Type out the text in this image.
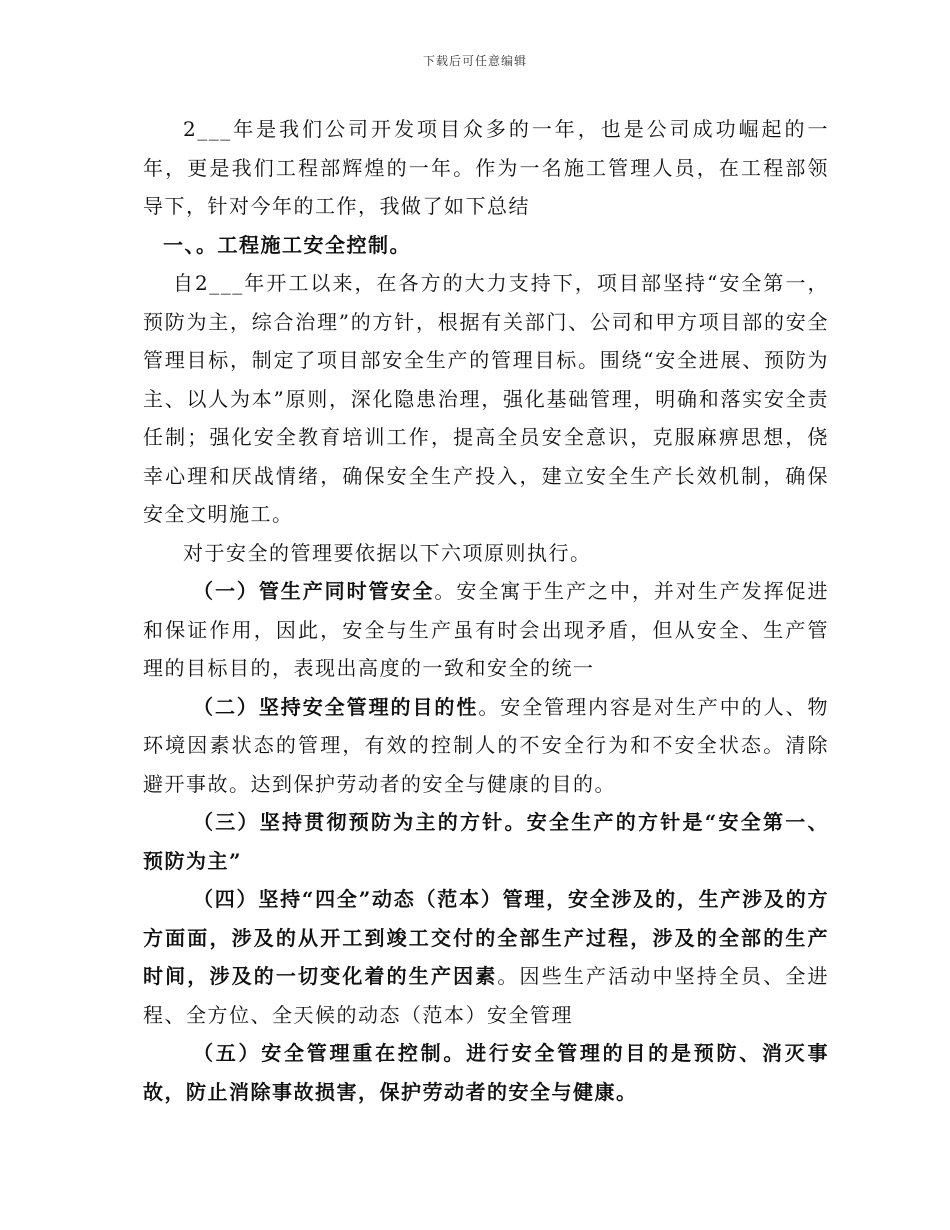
下载后可任意编辑

2___年是我们公司开发项目众多的一年，也是公司成功崛起的一年，更是我们工程部辉煌的一年。作为一名施工管理人员，在工程部领导下，针对今年的工作，我做了如下总结

一、。工程施工安全控制。

自2___年开工以来，在各方的大力支持下，项目部坚持“安全第一，预防为主，综合治理”的方针，根据有关部门、公司和甲方项目部的安全管理目标，制定了项目部安全生产的管理目标。围绕“安全进展、预防为主、以人为本”原则，深化隐患治理，强化基础管理，明确和落实安全责任制；强化安全教育培训工作，提高全员安全意识，克服麻痹思想，侥幸心理和厌战情绪，确保安全生产投入，建立安全生产长效机制，确保安全文明施工。

对于安全的管理要依据以下六项原则执行。

（一）管生产同时管安全。安全寓于生产之中，并对生产发挥促进和保证作用，因此，安全与生产虽有时会出现矛盾，但从安全、生产管理的目标目的，表现出高度的一致和安全的统一

（二）坚持安全管理的目的性。安全管理内容是对生产中的人、物环境因素状态的管理，有效的控制人的不安全行为和不安全状态。清除避开事故。达到保护劳动者的安全与健康的目的。

（三）坚持贯彻预防为主的方针。安全生产的方针是“安全第一、预防为主”

（四）坚持“四全”动态（范本）管理，安全涉及的，生产涉及的方方面面，涉及的从开工到竣工交付的全部生产过程，涉及的全部的生产时间，涉及的一切变化着的生产因素。因些生产活动中坚持全员、全进程、全方位、全天候的动态（范本）安全管理

（五）安全管理重在控制。进行安全管理的目的是预防、消灭事故，防止消除事故损害，保护劳动者的安全与健康。
